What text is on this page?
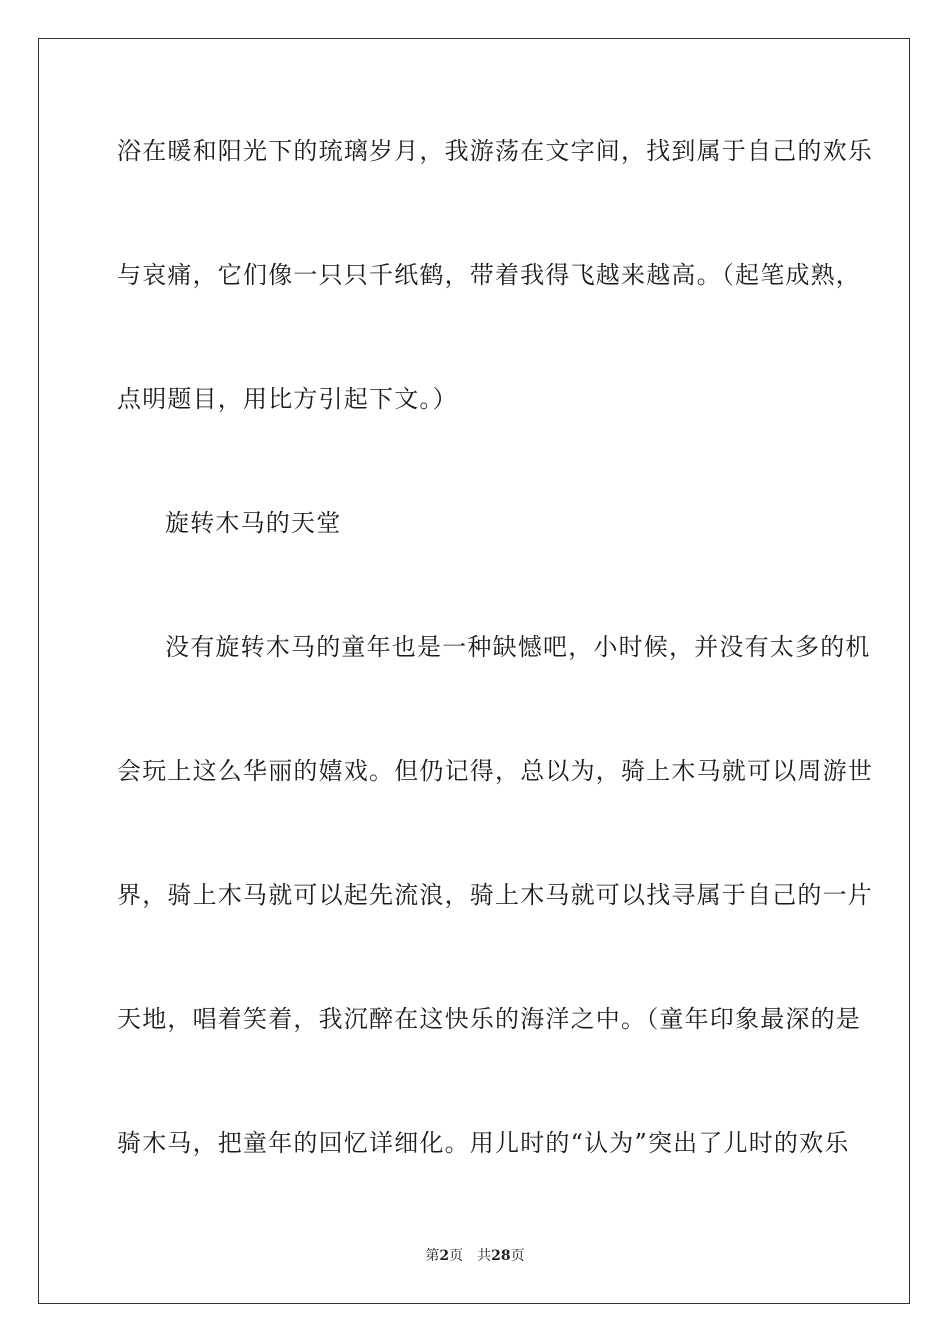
浴在暖和阳光下的琉璃岁月，我游荡在文字间，找到属于自己的欢乐
与哀痛，它们像一只只千纸鹤，带着我得飞越来越高。（起笔成熟，
点明题目，用比方引起下文。）
旋转木马的天堂
没有旋转木马的童年也是一种缺憾吧，小时候，并没有太多的机
会玩上这么华丽的嬉戏。但仍记得，总以为，骑上木马就可以周游世
界，骑上木马就可以起先流浪，骑上木马就可以找寻属于自己的一片
天地，唱着笑着，我沉醉在这快乐的海洋之中。（童年印象最深的是
骑木马，把童年的回忆详细化。用儿时的“认为”突出了儿时的欢乐
第2页 共28页
